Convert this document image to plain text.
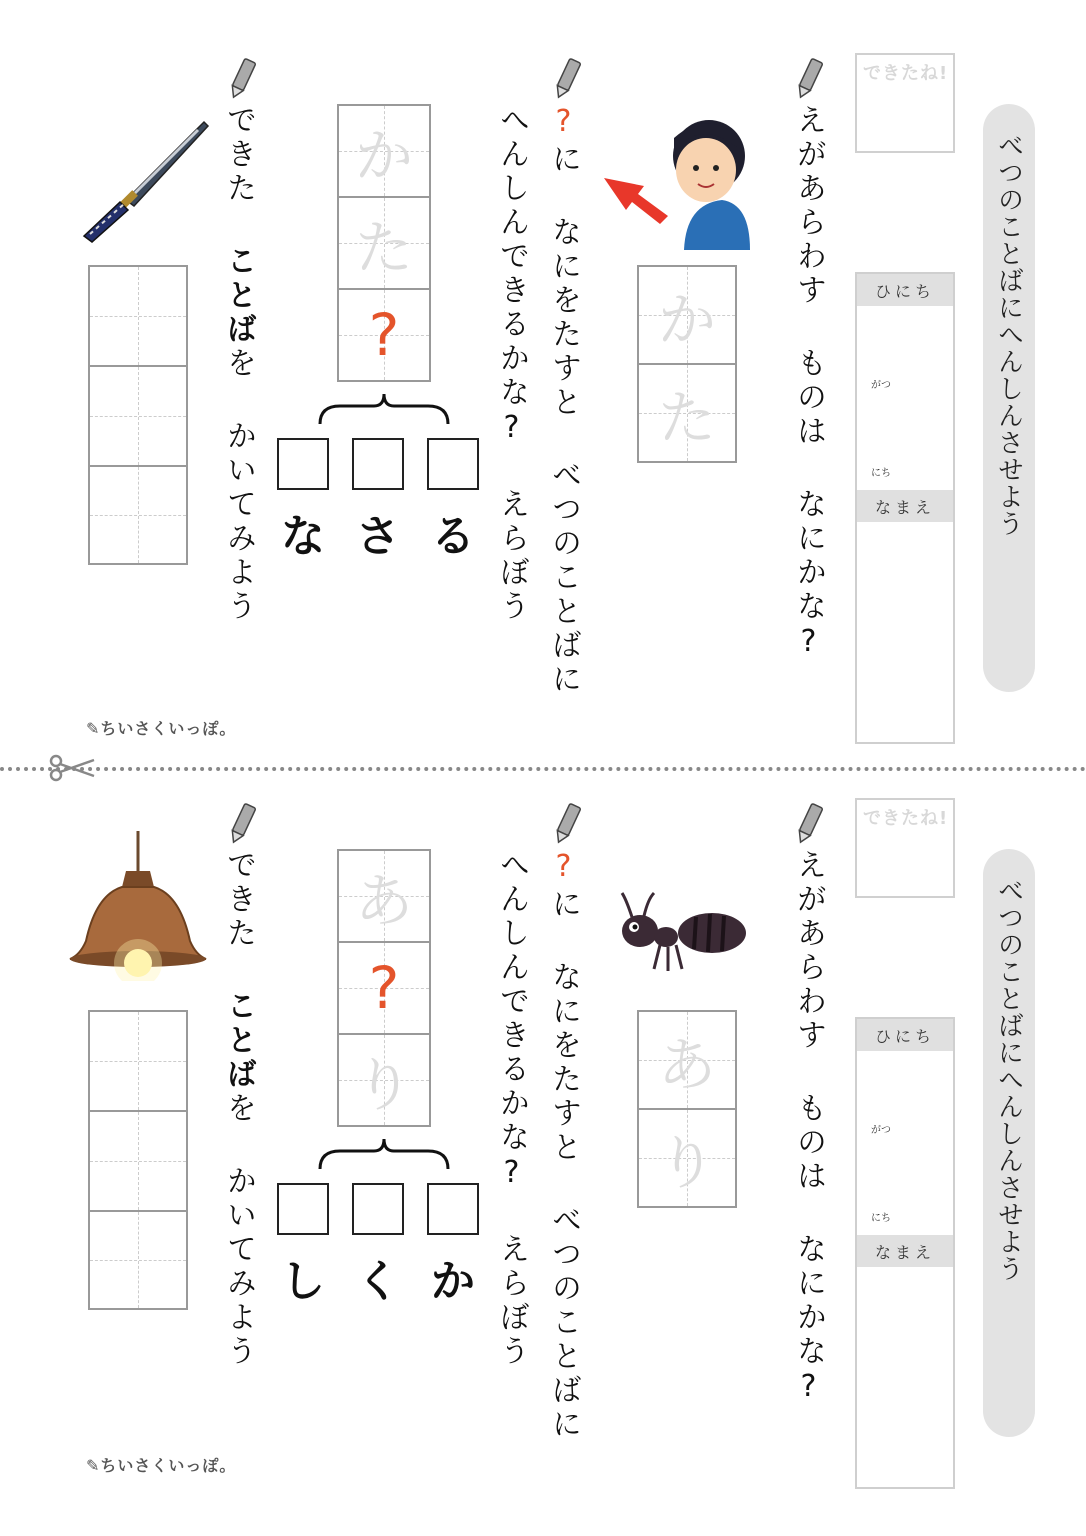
べつのことばにへんしんさせよう
できたね!
ひにち
がつ
にち
なまえ
えがあらわす ものは なにかな?
か
た
?に なにをたすと べつのことばに
へんしんできるかな? えらぼう
か
た
?
る
さ
な
できた ことばを かいてみよう
✎ちいさくいっぽ。
べつのことばにへんしんさせよう
できたね!
ひにち
がつ
にち
なまえ
えがあらわす ものは なにかな?
あ
り
?に なにをたすと べつのことばに
へんしんできるかな? えらぼう
あ
?
り
か
く
し
できた ことばを かいてみよう
✎ちいさくいっぽ。
